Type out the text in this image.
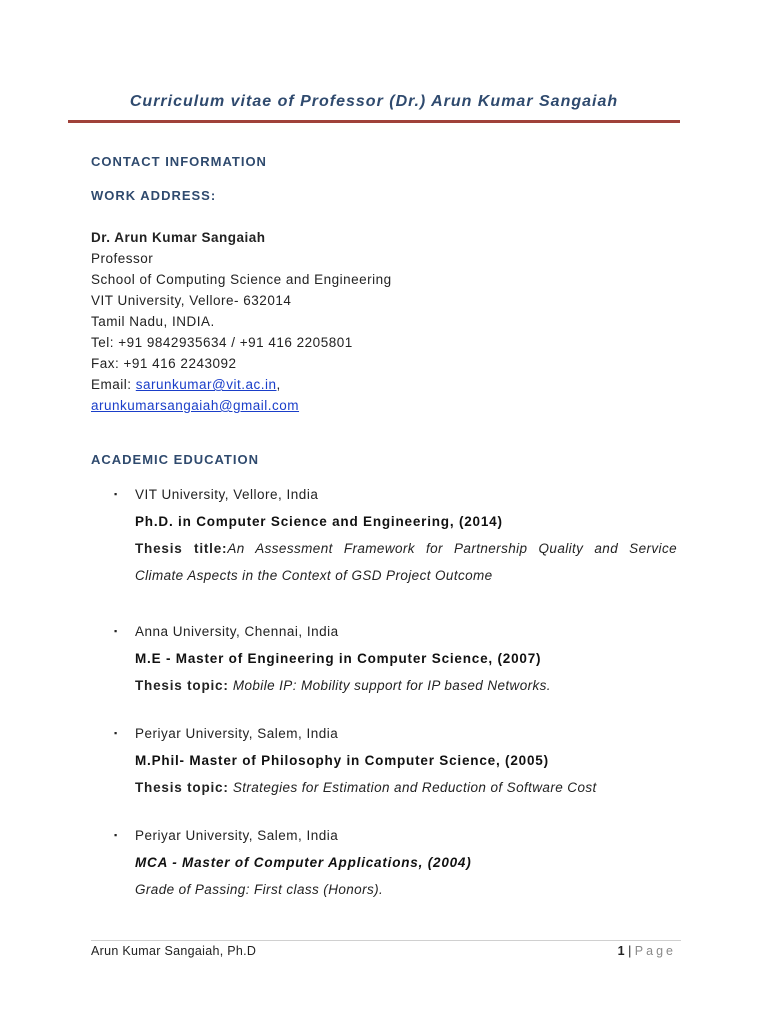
Curriculum vitae of Professor (Dr.) Arun Kumar Sangaiah
CONTACT INFORMATION
WORK ADDRESS:
Dr. Arun Kumar Sangaiah
Professor
School of Computing Science and Engineering
VIT University, Vellore- 632014
Tamil Nadu, INDIA.
Tel: +91 9842935634 / +91 416 2205801
Fax: +91 416 2243092
Email: sarunkumar@vit.ac.in,
arunkumarsangaiah@gmail.com
ACADEMIC EDUCATION
▪ VIT University, Vellore, India
Ph.D. in Computer Science and Engineering, (2014)
Thesis title:An Assessment Framework for Partnership Quality and Service
Climate Aspects in the Context of GSD Project Outcome
▪ Anna University, Chennai, India
M.E - Master of Engineering in Computer Science, (2007)
Thesis topic: Mobile IP: Mobility support for IP based Networks.
▪ Periyar University, Salem, India
M.Phil- Master of Philosophy in Computer Science, (2005)
Thesis topic: Strategies for Estimation and Reduction of Software Cost
▪ Periyar University, Salem, India
MCA - Master of Computer Applications, (2004)
Grade of Passing: First class (Honors).
Arun Kumar Sangaiah, Ph.D	1 | Page
